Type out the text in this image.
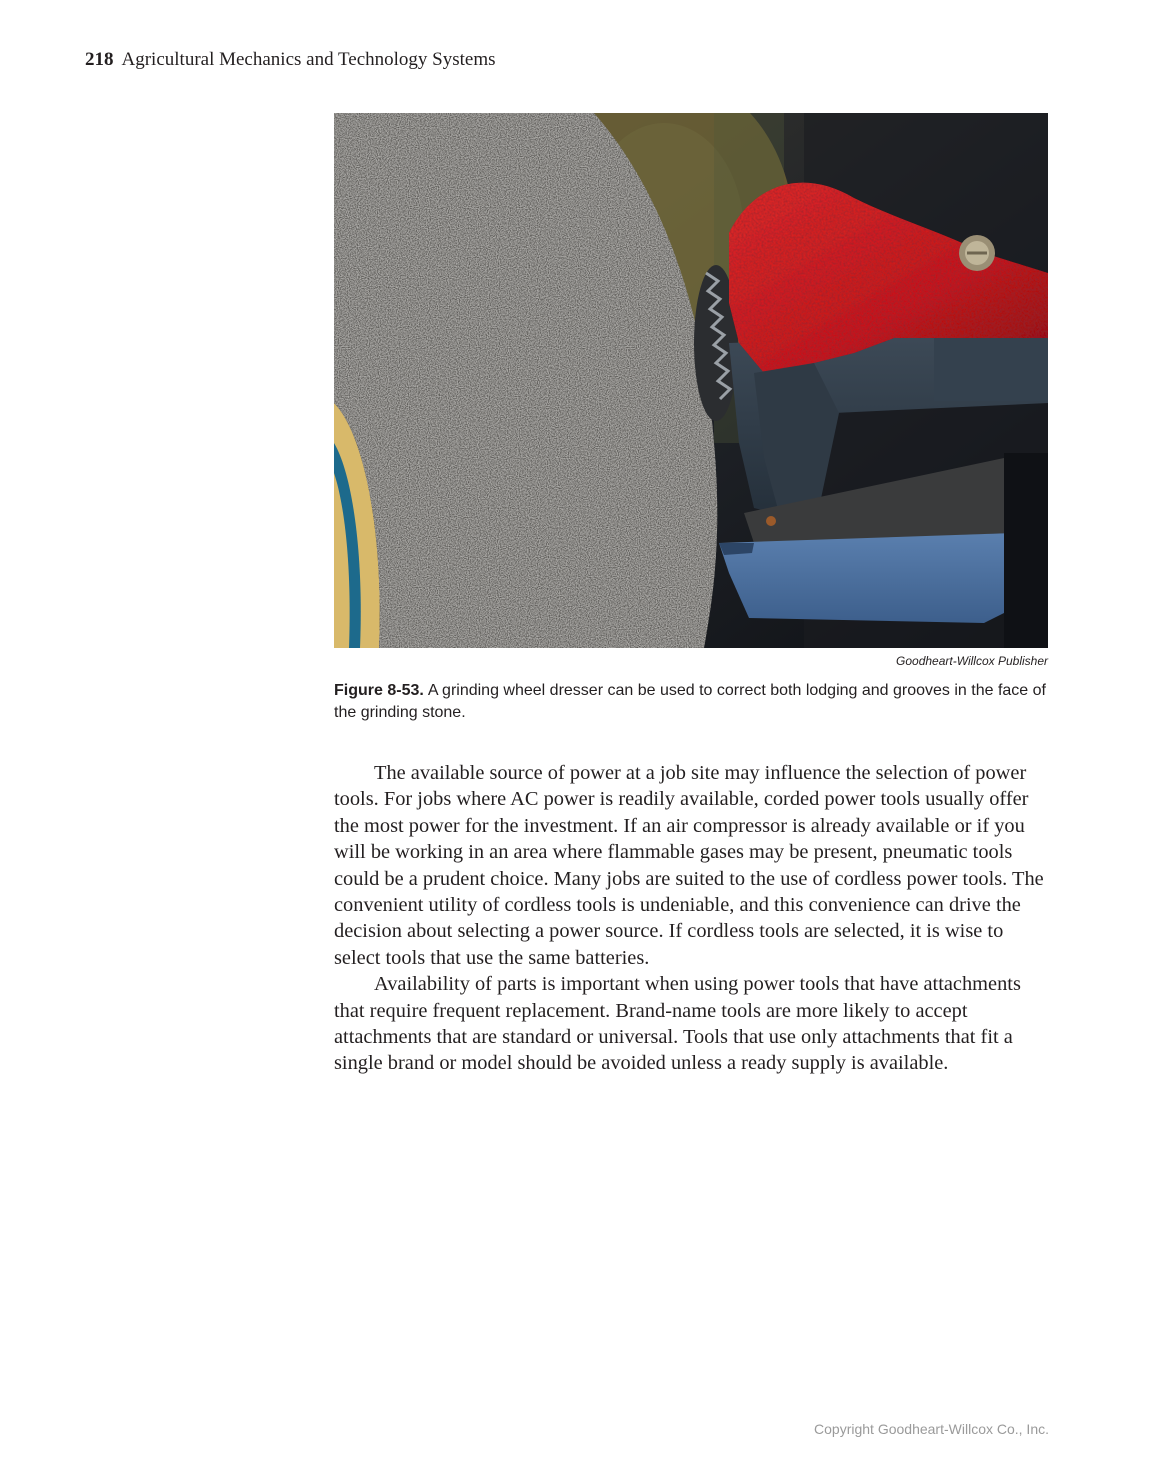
218 Agricultural Mechanics and Technology Systems
Goodheart-Willcox Publisher
Figure 8-53. A grinding wheel dresser can be used to correct both lodging and grooves in the face of the grinding stone.

The available source of power at a job site may influence the selection of power tools. For jobs where AC power is readily available, corded power tools usually offer the most power for the investment. If an air compressor is already available or if you will be working in an area where flammable gases may be present, pneumatic tools could be a prudent choice. Many jobs are suited to the use of cordless power tools. The convenient utility of cordless tools is undeniable, and this convenience can drive the decision about selecting a power source. If cordless tools are selected, it is wise to select tools that use the same batteries.

Availability of parts is important when using power tools that have attachments that require frequent replacement. Brand-name tools are more likely to accept attachments that are standard or universal. Tools that use only attachments that fit a single brand or model should be avoided unless a ready supply is available.

Copyright Goodheart-Willcox Co., Inc.
